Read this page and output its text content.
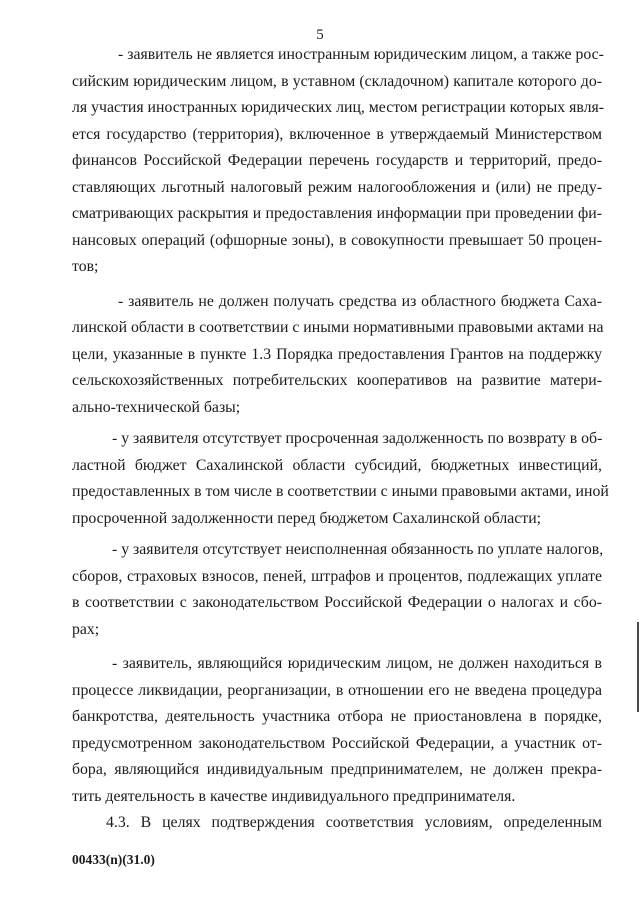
5
- заявитель не является иностранным юридическим лицом, а также рос-
сийским юридическим лицом, в уставном (складочном) капитале которого до-
ля участия иностранных юридических лиц, местом регистрации которых явля-
ется государство (территория), включенное в утверждаемый Министерством
финансов Российской Федерации перечень государств и территорий, предо-
ставляющих льготный налоговый режим налогообложения и (или) не преду-
сматривающих раскрытия и предоставления информации при проведении фи-
нансовых операций (офшорные зоны), в совокупности превышает 50 процен-
тов;
- заявитель не должен получать средства из областного бюджета Саха-
линской области в соответствии с иными нормативными правовыми актами на
цели, указанные в пункте 1.3 Порядка предоставления Грантов на поддержку
сельскохозяйственных потребительских кооперативов на развитие матери-
ально-технической базы;
- у заявителя отсутствует просроченная задолженность по возврату в об-
ластной бюджет Сахалинской области субсидий, бюджетных инвестиций,
предоставленных в том числе в соответствии с иными правовыми актами, иной
просроченной задолженности перед бюджетом Сахалинской области;
- у заявителя отсутствует неисполненная обязанность по уплате налогов,
сборов, страховых взносов, пеней, штрафов и процентов, подлежащих уплате
в соответствии с законодательством Российской Федерации о налогах и сбо-
рах;
- заявитель, являющийся юридическим лицом, не должен находиться в
процессе ликвидации, реорганизации, в отношении его не введена процедура
банкротства, деятельность участника отбора не приостановлена в порядке,
предусмотренном законодательством Российской Федерации, а участник от-
бора, являющийся индивидуальным предпринимателем, не должен прекра-
тить деятельность в качестве индивидуального предпринимателя.
4.3. В целях подтверждения соответствия условиям, определенным
00433(n)(31.0)
